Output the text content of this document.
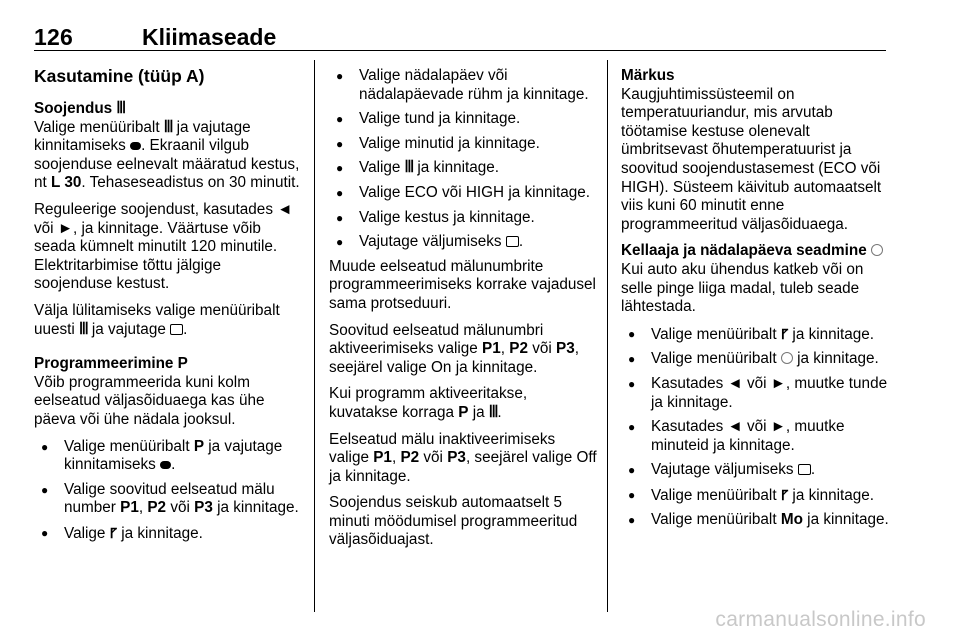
126	Kliimaseade
Kasutamine (tüüp A)

Soojendus ꟾꟾꟾ

Valige menüüribalt ꟾꟾꟾ ja vajutage kinnitamiseks . Ekraanil vilgub soojenduse eelnevalt määratud kestus, nt L 30. Tehaseseadistus on 30 minutit.

Reguleerige soojendust, kasutades ◄ või ►, ja kinnitage. Väärtuse võib seada kümnelt minutilt 120 minutile. Elektritarbimise tõttu jälgige soojenduse kestust.

Välja lülitamiseks valige menüüribalt uuesti ꟾꟾꟾ ja vajutage .

Programmeerimine P

Võib programmeerida kuni kolm eelseatud väljasõiduaega kas ühe päeva või ühe nädala jooksul.

● Valige menüüribalt P ja vajutage kinnitamiseks .
● Valige soovitud eelseatud mälu number P1, P2 või P3 ja kinnitage.
● Valige ⹍ ja kinnitage.
● Valige nädalapäev või nädalapäevade rühm ja kinnitage.
● Valige tund ja kinnitage.
● Valige minutid ja kinnitage.
● Valige ꟾꟾꟾ ja kinnitage.
● Valige ECO või HIGH ja kinnitage.
● Valige kestus ja kinnitage.
● Vajutage väljumiseks .

Muude eelseatud mälunumbrite programmeerimiseks korrake vajadusel sama protseduuri.

Soovitud eelseatud mälunumbri aktiveerimiseks valige P1, P2 või P3, seejärel valige On ja kinnitage.

Kui programm aktiveeritakse, kuvatakse korraga P ja ꟾꟾꟾ.

Eelseatud mälu inaktiveerimiseks valige P1, P2 või P3, seejärel valige Off ja kinnitage.

Soojendus seiskub automaatselt 5 minuti möödumisel programmeeritud väljasõiduajast.

Märkus

Kaugjuhtimissüsteemil on temperatuuriandur, mis arvutab töötamise kestuse olenevalt ümbritsevast õhutemperatuurist ja soovitud soojendustasemest (ECO või HIGH). Süsteem käivitub automaatselt viis kuni 60 minutit enne programmeeritud väljasõiduaega.

Kellaaja ja nädalapäeva seadmine

Kui auto aku ühendus katkeb või on selle pinge liiga madal, tuleb seade lähtestada.

● Valige menüüribalt ⹍ ja kinnitage.
● Valige menüüribalt ja kinnitage.
● Kasutades ◄ või ►, muutke tunde ja kinnitage.
● Kasutades ◄ või ►, muutke minuteid ja kinnitage.
● Vajutage väljumiseks .
● Valige menüüribalt ⹍ ja kinnitage.
● Valige menüüribalt Mo ja kinnitage.
carmanualsonline.info
